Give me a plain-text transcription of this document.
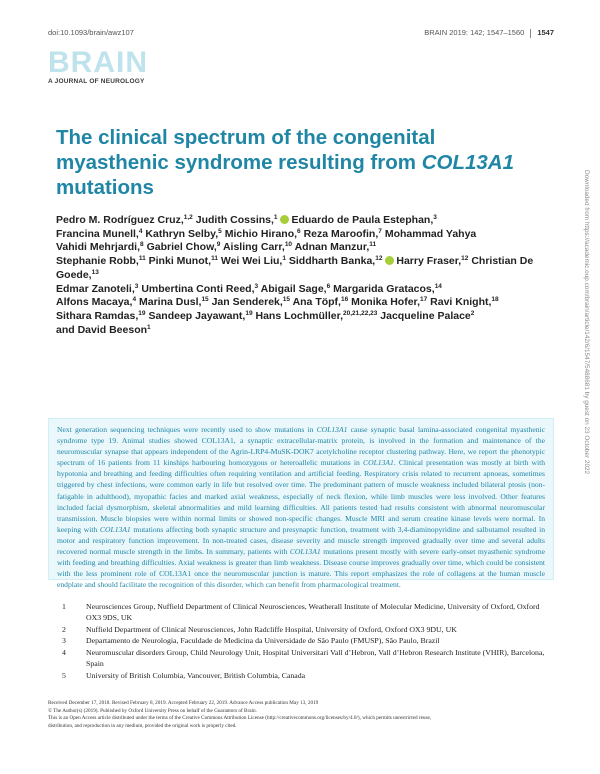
doi:10.1093/brain/awz107	BRAIN 2019: 142; 1547–1560 1547
BRAIN
A JOURNAL OF NEUROLOGY
The clinical spectrum of the congenital
myasthenic syndrome resulting from COL13A1
mutations

Pedro M. Rodríguez Cruz,$^{1,2}$ Judith Cossins,$^1$ Eduardo de Paula Estephan,$^3$
Francina Munell,$^4$ Kathryn Selby,$^5$ Michio Hirano,$^6$ Reza Maroofin,$^7$ Mohammad Yahya
Vahidi Mehrjardi,$^8$ Gabriel Chow,$^9$ Aisling Carr,$^{10}$ Adnan Manzur,$^{11}$
Stephanie Robb,$^{11}$ Pinki Munot,$^{11}$ Wei Wei Liu,$^1$ Siddharth Banka,$^{12}$ Harry Fraser,$^{12}$ Christian De Goede,$^{13}$
Edmar Zanoteli,$^3$ Umbertina Conti Reed,$^3$ Abigail Sage,$^6$ Margarida Gratacos,$^{14}$
Alfons Macaya,$^4$ Marina Dusl,$^{15}$ Jan Senderek,$^{15}$ Ana Töpf,$^{16}$ Monika Hofer,$^{17}$ Ravi Knight,$^{18}$
Sithara Ramdas,$^{19}$ Sandeep Jayawant,$^{19}$ Hans Lochmüller,$^{20,21,22,23}$ Jacqueline Palace$^2$
and David Beeson$^1$

Next generation sequencing techniques were recently used to show mutations in COL13A1 cause synaptic basal lamina-associated congenital myasthenic syndrome type 19. Animal studies showed COL13A1, a synaptic extracellular-matrix protein, is involved in the formation and maintenance of the neuromuscular synapse that appears independent of the Agrin-LRP4-MuSK-DOK7 acetylcholine receptor clustering pathway. Here, we report the phenotypic spectrum of 16 patients from 11 kinships harbouring homozygous or heteroallelic mutations in COL13A1. Clinical presentation was mostly at birth with hypotonia and breathing and feeding difficulties often requiring ventilation and artificial feeding. Respiratory crisis related to recurrent apnoeas, sometimes triggered by chest infections, were common early in life but resolved over time. The predominant pattern of muscle weakness included bilateral ptosis (non-fatigable in adulthood), myopathic facies and marked axial weakness, especially of neck flexion, while limb muscles were less involved. Other features included facial dysmorphism, skeletal abnormalities and mild learning difficulties. All patients tested had results consistent with abnormal neuromuscular transmission. Muscle biopsies were within normal limits or showed non-specific changes. Muscle MRI and serum creatine kinase levels were normal. In keeping with COL13A1 mutations affecting both synaptic structure and presynaptic function, treatment with 3,4-diaminopyridine and salbutamol resulted in motor and respiratory function improvement. In non-treated cases, disease severity and muscle strength improved gradually over time and several adults recovered normal muscle strength in the limbs. In summary, patients with COL13A1 mutations present mostly with severe early-onset myasthenic syndrome with feeding and breathing difficulties. Axial weakness is greater than limb weakness. Disease course improves gradually over time, which could be consistent with the less prominent role of COL13A1 once the neuromuscular junction is mature. This report emphasizes the role of collagens at the human muscle endplate and should facilitate the recognition of this disorder, which can benefit from pharmacological treatment.

1	Neurosciences Group, Nuffield Department of Clinical Neurosciences, Weatherall Institute of Molecular Medicine, University of Oxford, Oxford OX3 9DS, UK
2	Nuffield Department of Clinical Neurosciences, John Radcliffe Hospital, University of Oxford, Oxford OX3 9DU, UK
3	Departamento de Neurologia, Faculdade de Medicina da Universidade de São Paulo (FMUSP), São Paulo, Brazil
4	Neuromuscular disorders Group, Child Neurology Unit, Hospital Universitari Vall d’Hebron, Vall d’Hebron Research Institute (VHIR), Barcelona, Spain
5	University of British Columbia, Vancouver, British Columbia, Canada
Received December 17, 2018. Revised February 8, 2019. Accepted February 22, 2019. Advance Access publication May 13, 2019
© The Author(s) (2019). Published by Oxford University Press on behalf of the Guarantors of Brain.
This is an Open Access article distributed under the terms of the Creative Commons Attribution License (http://creativecommons.org/licenses/by/4.0/), which permits unrestricted reuse,
distribution, and reproduction in any medium, provided the original work is properly cited.
Downloaded from https://academic.oup.com/brain/article/142/6/1547/5488681 by guest on 23 October 2022
